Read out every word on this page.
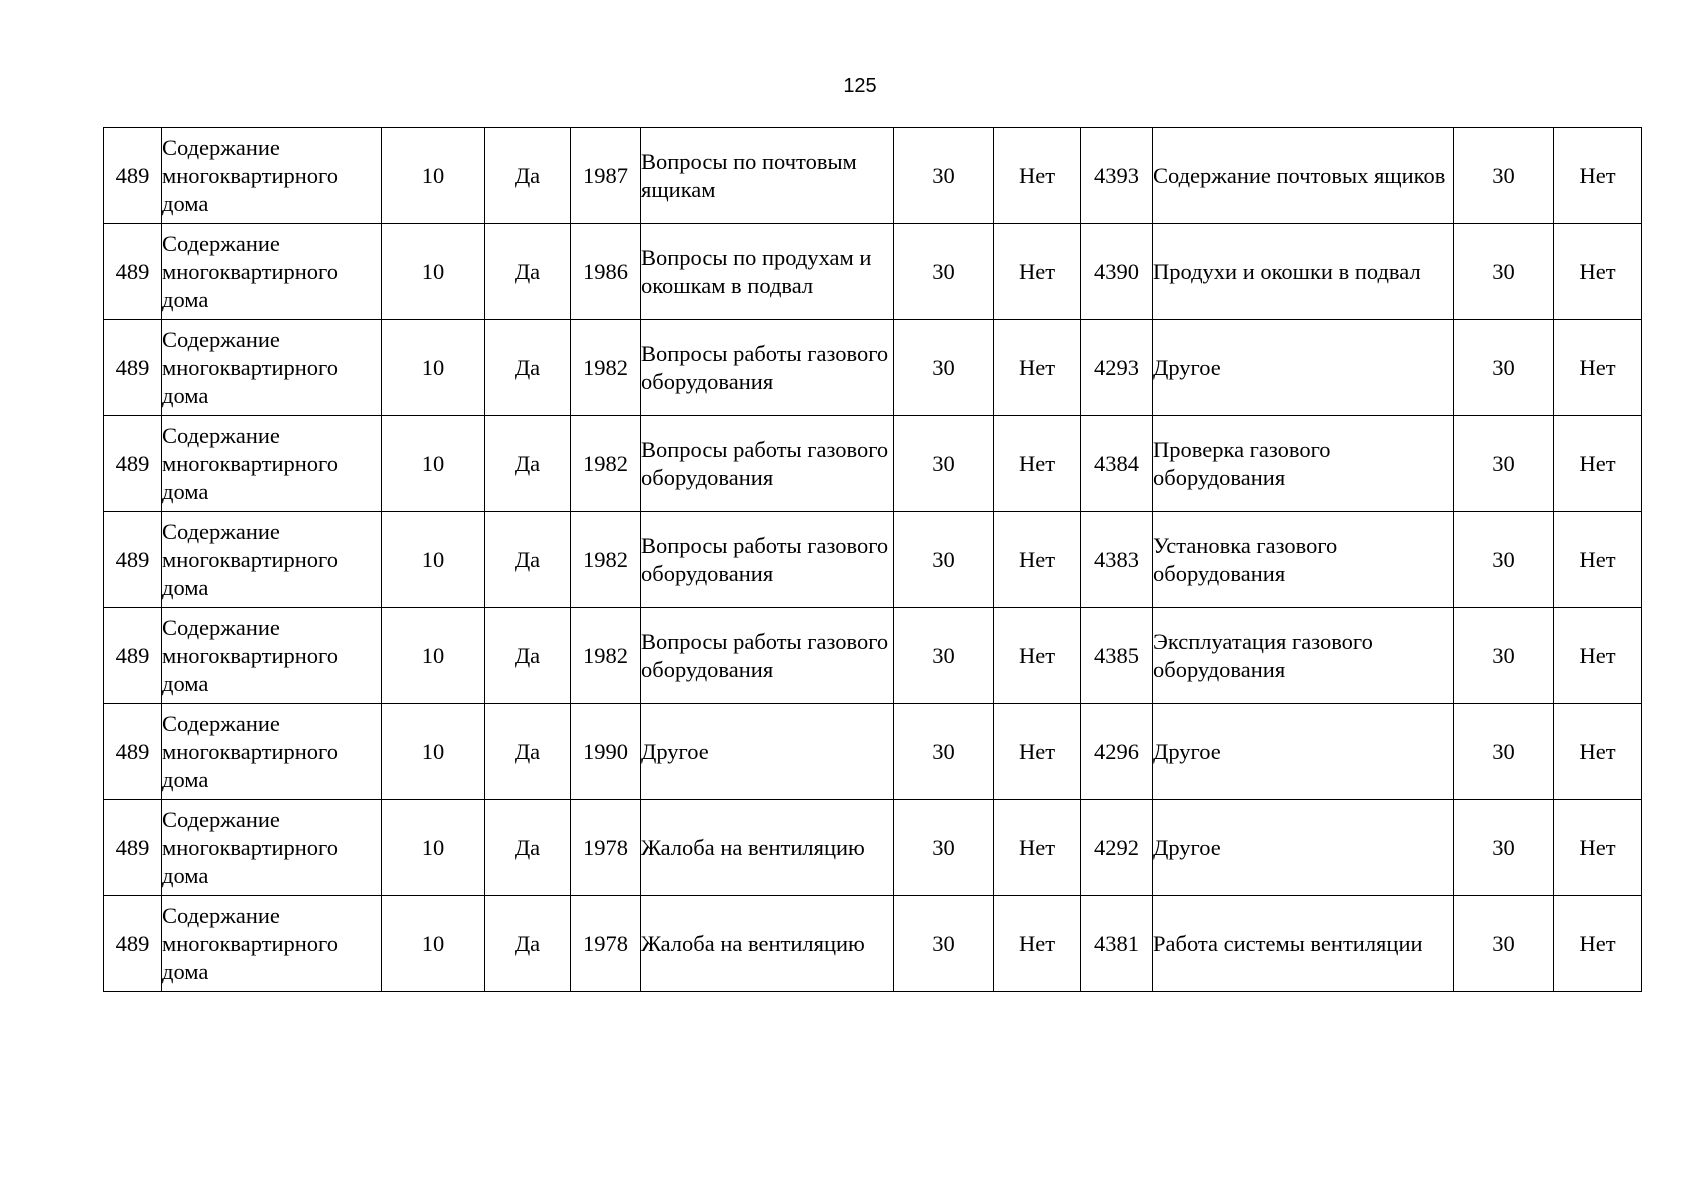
125
489	Содержание многоквартирного дома	10	Да	1987	Вопросы по почтовым ящикам	30	Нет	4393	Содержание почтовых ящиков	30	Нет
489	Содержание многоквартирного дома	10	Да	1986	Вопросы по продухам и окошкам в подвал	30	Нет	4390	Продухи и окошки в подвал	30	Нет
489	Содержание многоквартирного дома	10	Да	1982	Вопросы работы газового оборудования	30	Нет	4293	Другое	30	Нет
489	Содержание многоквартирного дома	10	Да	1982	Вопросы работы газового оборудования	30	Нет	4384	Проверка газового оборудования	30	Нет
489	Содержание многоквартирного дома	10	Да	1982	Вопросы работы газового оборудования	30	Нет	4383	Установка газового оборудования	30	Нет
489	Содержание многоквартирного дома	10	Да	1982	Вопросы работы газового оборудования	30	Нет	4385	Эксплуатация газового оборудования	30	Нет
489	Содержание многоквартирного дома	10	Да	1990	Другое	30	Нет	4296	Другое	30	Нет
489	Содержание многоквартирного дома	10	Да	1978	Жалоба на вентиляцию	30	Нет	4292	Другое	30	Нет
489	Содержание многоквартирного дома	10	Да	1978	Жалоба на вентиляцию	30	Нет	4381	Работа системы вентиляции	30	Нет
